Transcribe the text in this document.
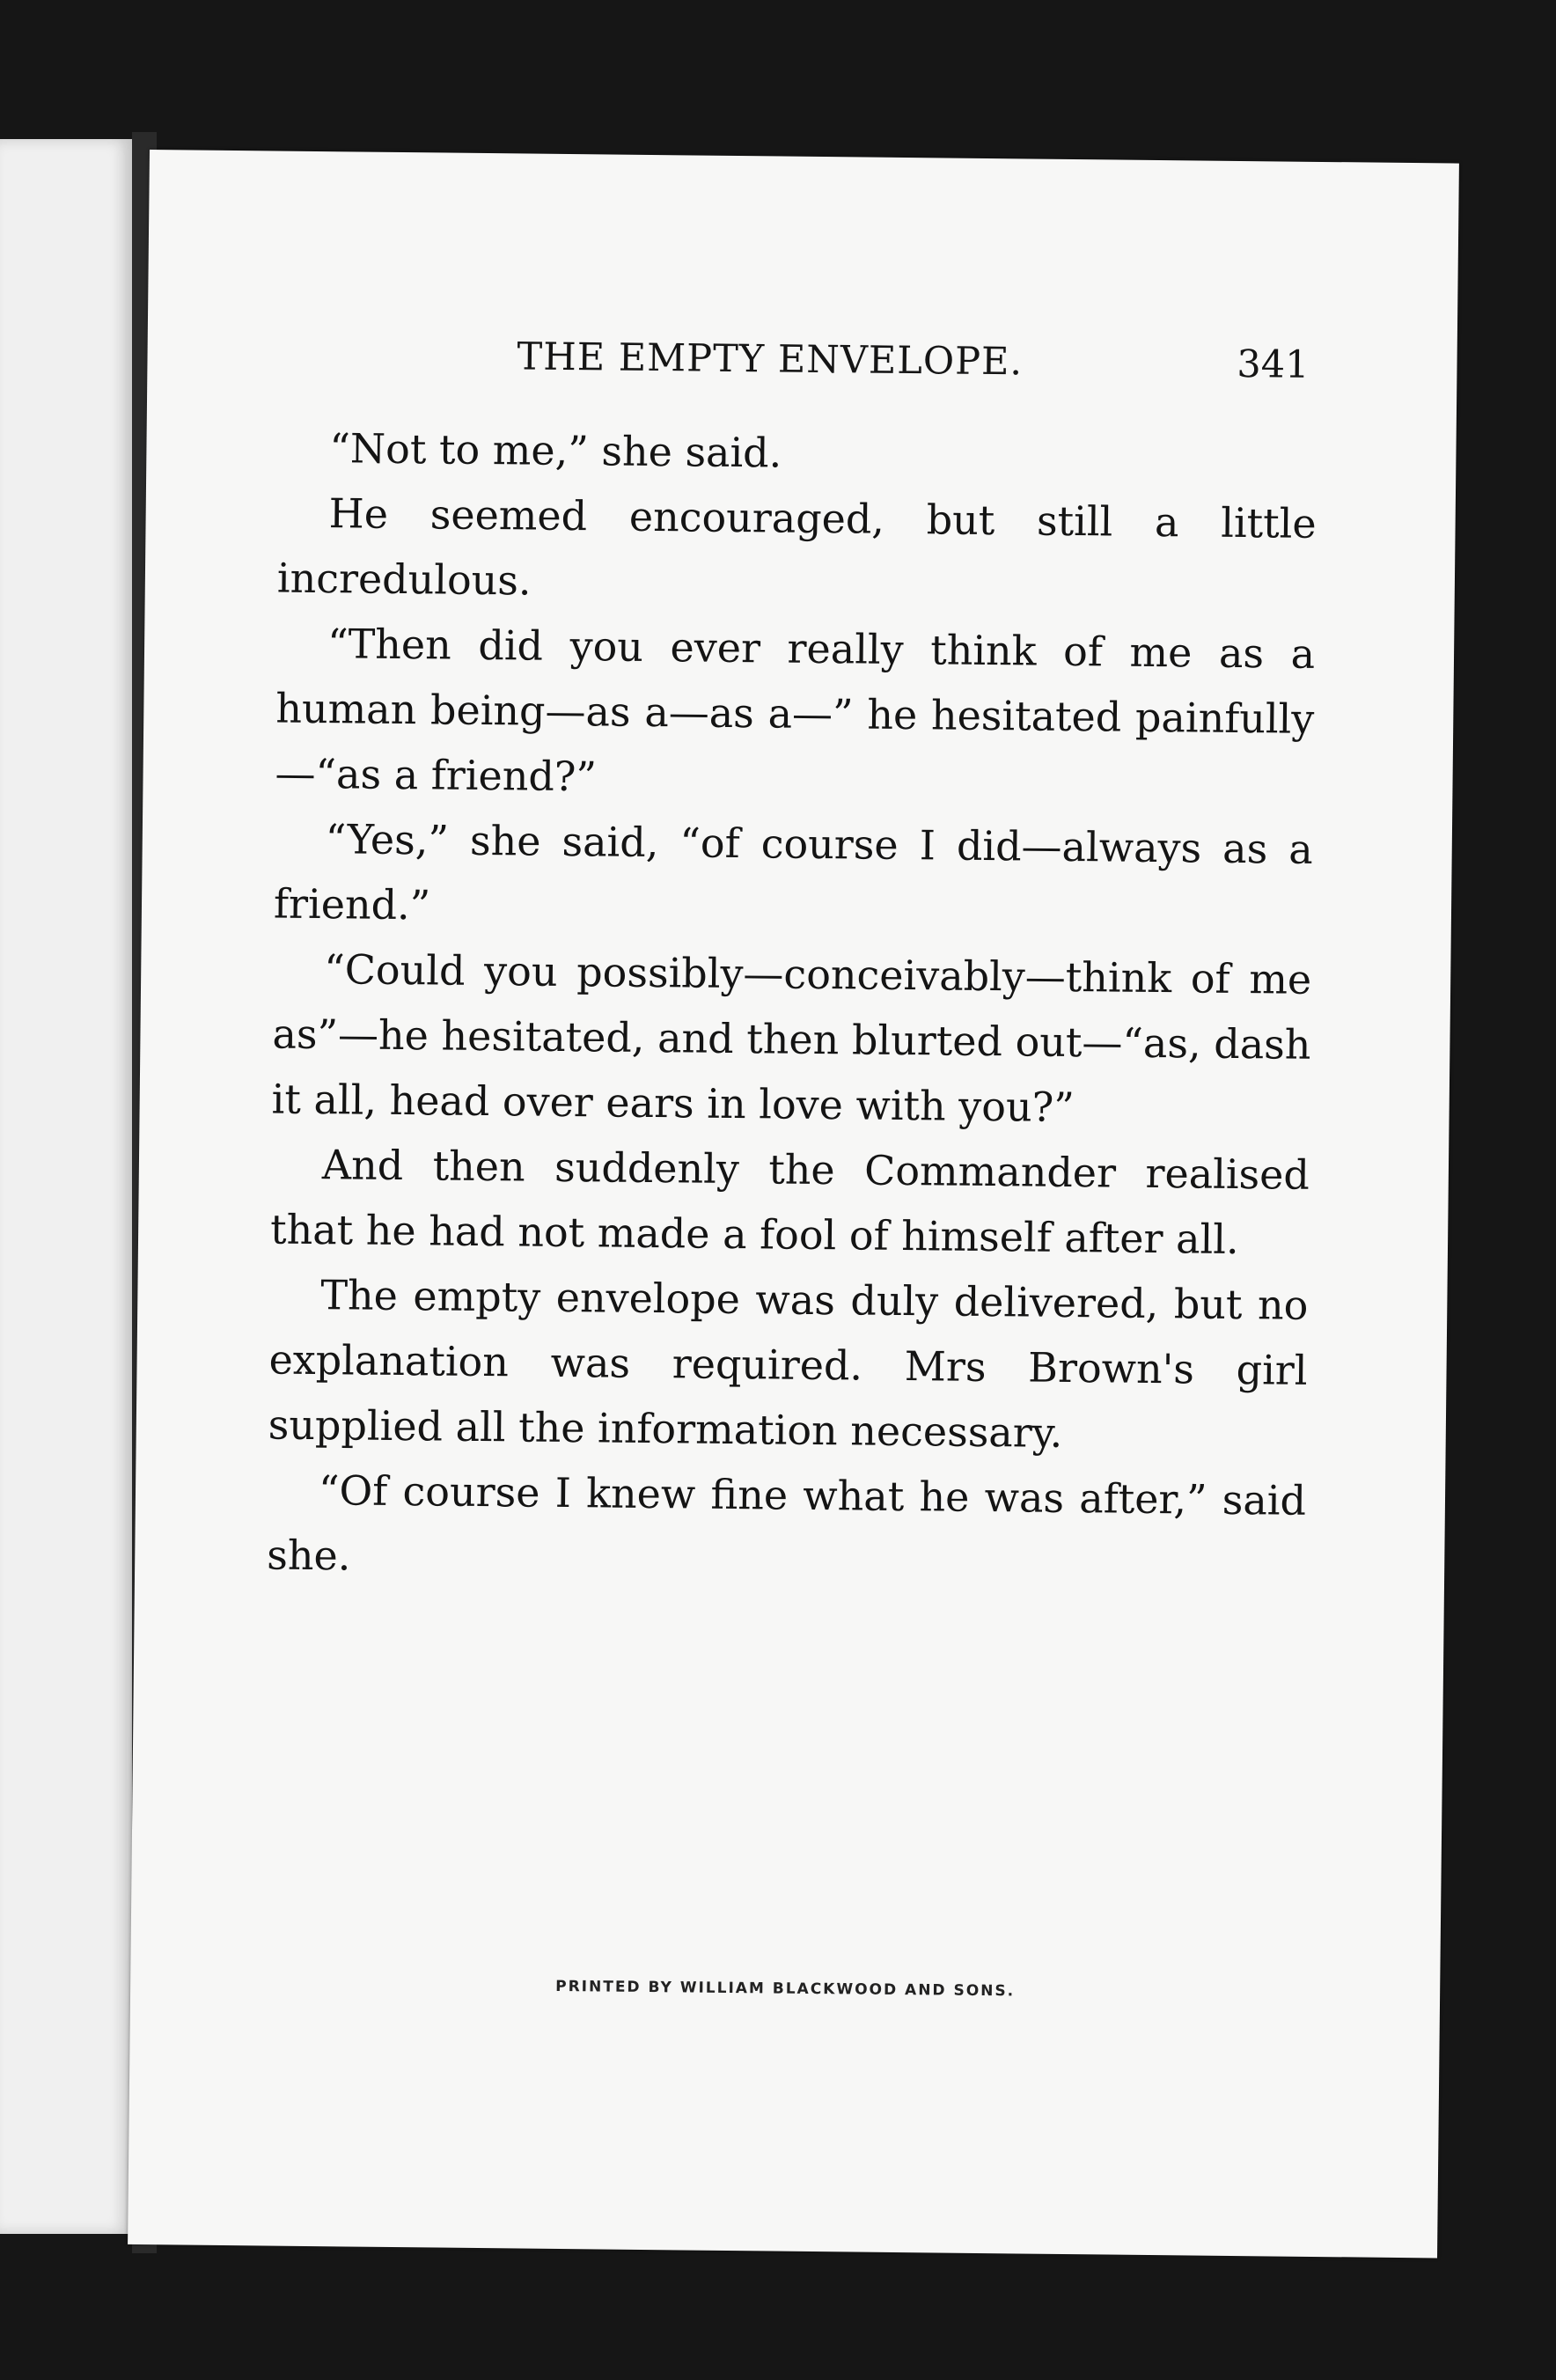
THE EMPTY ENVELOPE.	341

“Not to me,” she said.

He seemed encouraged, but still a little incredulous.

“Then did you ever really think of me as a human being—as a—as a—” he hesitated painfully—“as a friend?”

“Yes,” she said, “of course I did—always as a friend.”

“Could you possibly—conceivably—think of me as”—he hesitated, and then blurted out—“as, dash it all, head over ears in love with you?”

And then suddenly the Commander realised that he had not made a fool of himself after all.

The empty envelope was duly delivered, but no explanation was required. Mrs Brown's girl supplied all the information necessary.

“Of course I knew fine what he was after,” said she.

PRINTED BY WILLIAM BLACKWOOD AND SONS.
